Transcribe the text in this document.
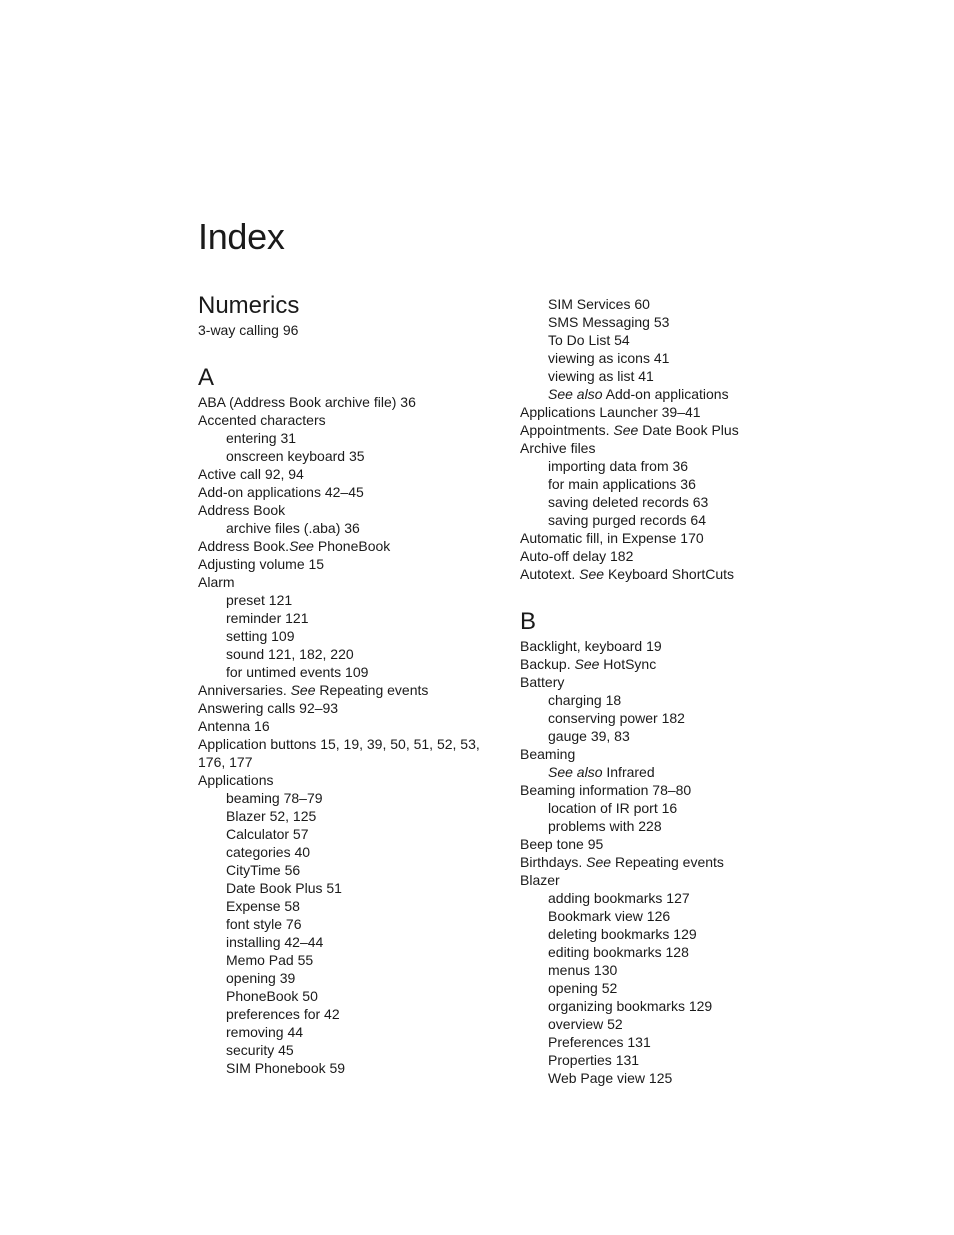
Index
Numerics
3-way calling 96
A
ABA (Address Book archive file) 36
Accented characters
entering 31
onscreen keyboard 35
Active call 92, 94
Add-on applications 42–45
Address Book
archive files (.aba) 36
Address Book.See PhoneBook
Adjusting volume 15
Alarm
preset 121
reminder 121
setting 109
sound 121, 182, 220
for untimed events 109
Anniversaries. See Repeating events
Answering calls 92–93
Antenna 16
Application buttons 15, 19, 39, 50, 51, 52, 53, 176, 177
Applications
beaming 78–79
Blazer 52, 125
Calculator 57
categories 40
CityTime 56
Date Book Plus 51
Expense 58
font style 76
installing 42–44
Memo Pad 55
opening 39
PhoneBook 50
preferences for 42
removing 44
security 45
SIM Phonebook 59
SIM Services 60
SMS Messaging 53
To Do List 54
viewing as icons 41
viewing as list 41
See also Add-on applications
Applications Launcher 39–41
Appointments. See Date Book Plus
Archive files
importing data from 36
for main applications 36
saving deleted records 63
saving purged records 64
Automatic fill, in Expense 170
Auto-off delay 182
Autotext. See Keyboard ShortCuts
B
Backlight, keyboard 19
Backup. See HotSync
Battery
charging 18
conserving power 182
gauge 39, 83
Beaming
See also Infrared
Beaming information 78–80
location of IR port 16
problems with 228
Beep tone 95
Birthdays. See Repeating events
Blazer
adding bookmarks 127
Bookmark view 126
deleting bookmarks 129
editing bookmarks 128
menus 130
opening 52
organizing bookmarks 129
overview 52
Preferences 131
Properties 131
Web Page view 125
